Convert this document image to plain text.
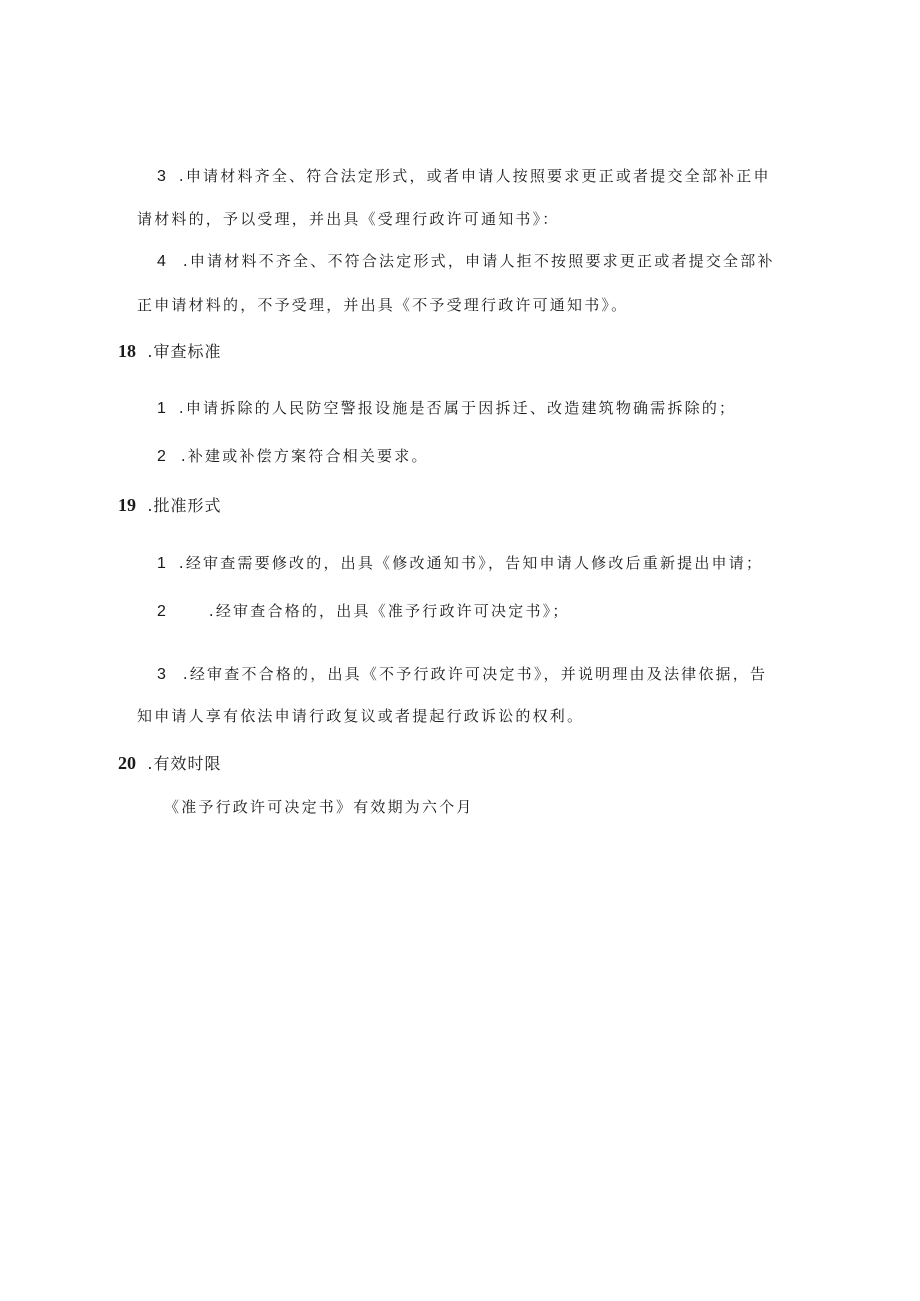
3 .申请材料齐全、符合法定形式，或者申请人按照要求更正或者提交全部补正申
请材料的，予以受理，并出具《受理行政许可通知书》：
4 .申请材料不齐全、不符合法定形式，申请人拒不按照要求更正或者提交全部补
正申请材料的，不予受理，并出具《不予受理行政许可通知书》。
18 .审查标准
1 .申请拆除的人民防空警报设施是否属于因拆迁、改造建筑物确需拆除的；
2 .补建或补偿方案符合相关要求。
19 .批准形式
1 .经审查需要修改的，出具《修改通知书》，告知申请人修改后重新提出申请；
2	.经审查合格的，出具《准予行政许可决定书》；
3 .经审查不合格的，出具《不予行政许可决定书》，并说明理由及法律依据，告
知申请人享有依法申请行政复议或者提起行政诉讼的权利。
20 .有效时限
《准予行政许可决定书》有效期为六个月
